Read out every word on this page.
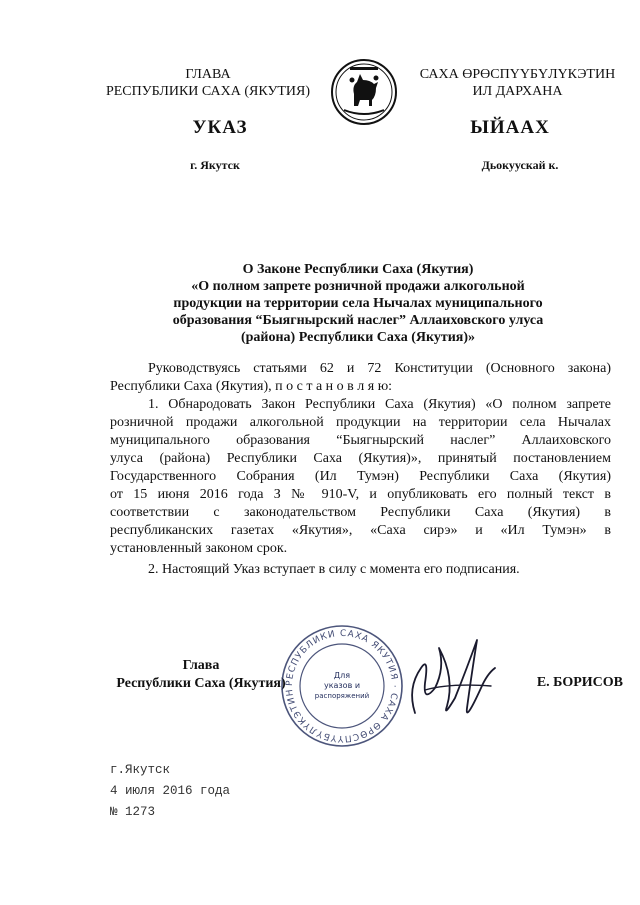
ГЛАВА
РЕСПУБЛИКИ САХА (ЯКУТИЯ)
САХА ӨРӨСПҮҮБҮЛҮКЭТИН
ИЛ ДАРХАНА
УКАЗ	ЫЙААХ
г. Якутск	Дьокуускай к.
О Законе Республики Саха (Якутия)
«О полном запрете розничной продажи алкогольной
продукции на территории села Нычалах муниципального
образования “Быягнырский наслег” Аллаиховского улуса
(района) Республики Саха (Якутия)»

Руководствуясь статьями 62 и 72 Конституции (Основного закона)

Республики Саха (Якутия), п о с т а н о в л я ю:

1. Обнародовать Закон Республики Саха (Якутия) «О полном запрете

розничной продажи алкогольной продукции на территории села Нычалах

муниципального образования “Быягнырский наслег” Аллаиховского

улуса (района) Республики Саха (Якутия)», принятый постановлением

Государственного Собрания (Ил Тумэн) Республики Саха (Якутия)

от 15 июня 2016 года З № 910-V, и опубликовать его полный текст в

соответствии с законодательством Республики Саха (Якутия) в

республиканских газетах «Якутия», «Саха сирэ» и «Ил Тумэн» в

установленный законом срок.

2. Настоящий Указ вступает в силу с момента его подписания.

Глава
Республики Саха (Якутия) РЕСПУБЛИКИ САХА ЯКУТИЯ · САХА ӨРӨСПҮҮБҮЛҮКЭТИН
Для
указов и
распоряжений
Е. БОРИСОВ
г.Якутск
4 июля 2016 года
№ 1273
